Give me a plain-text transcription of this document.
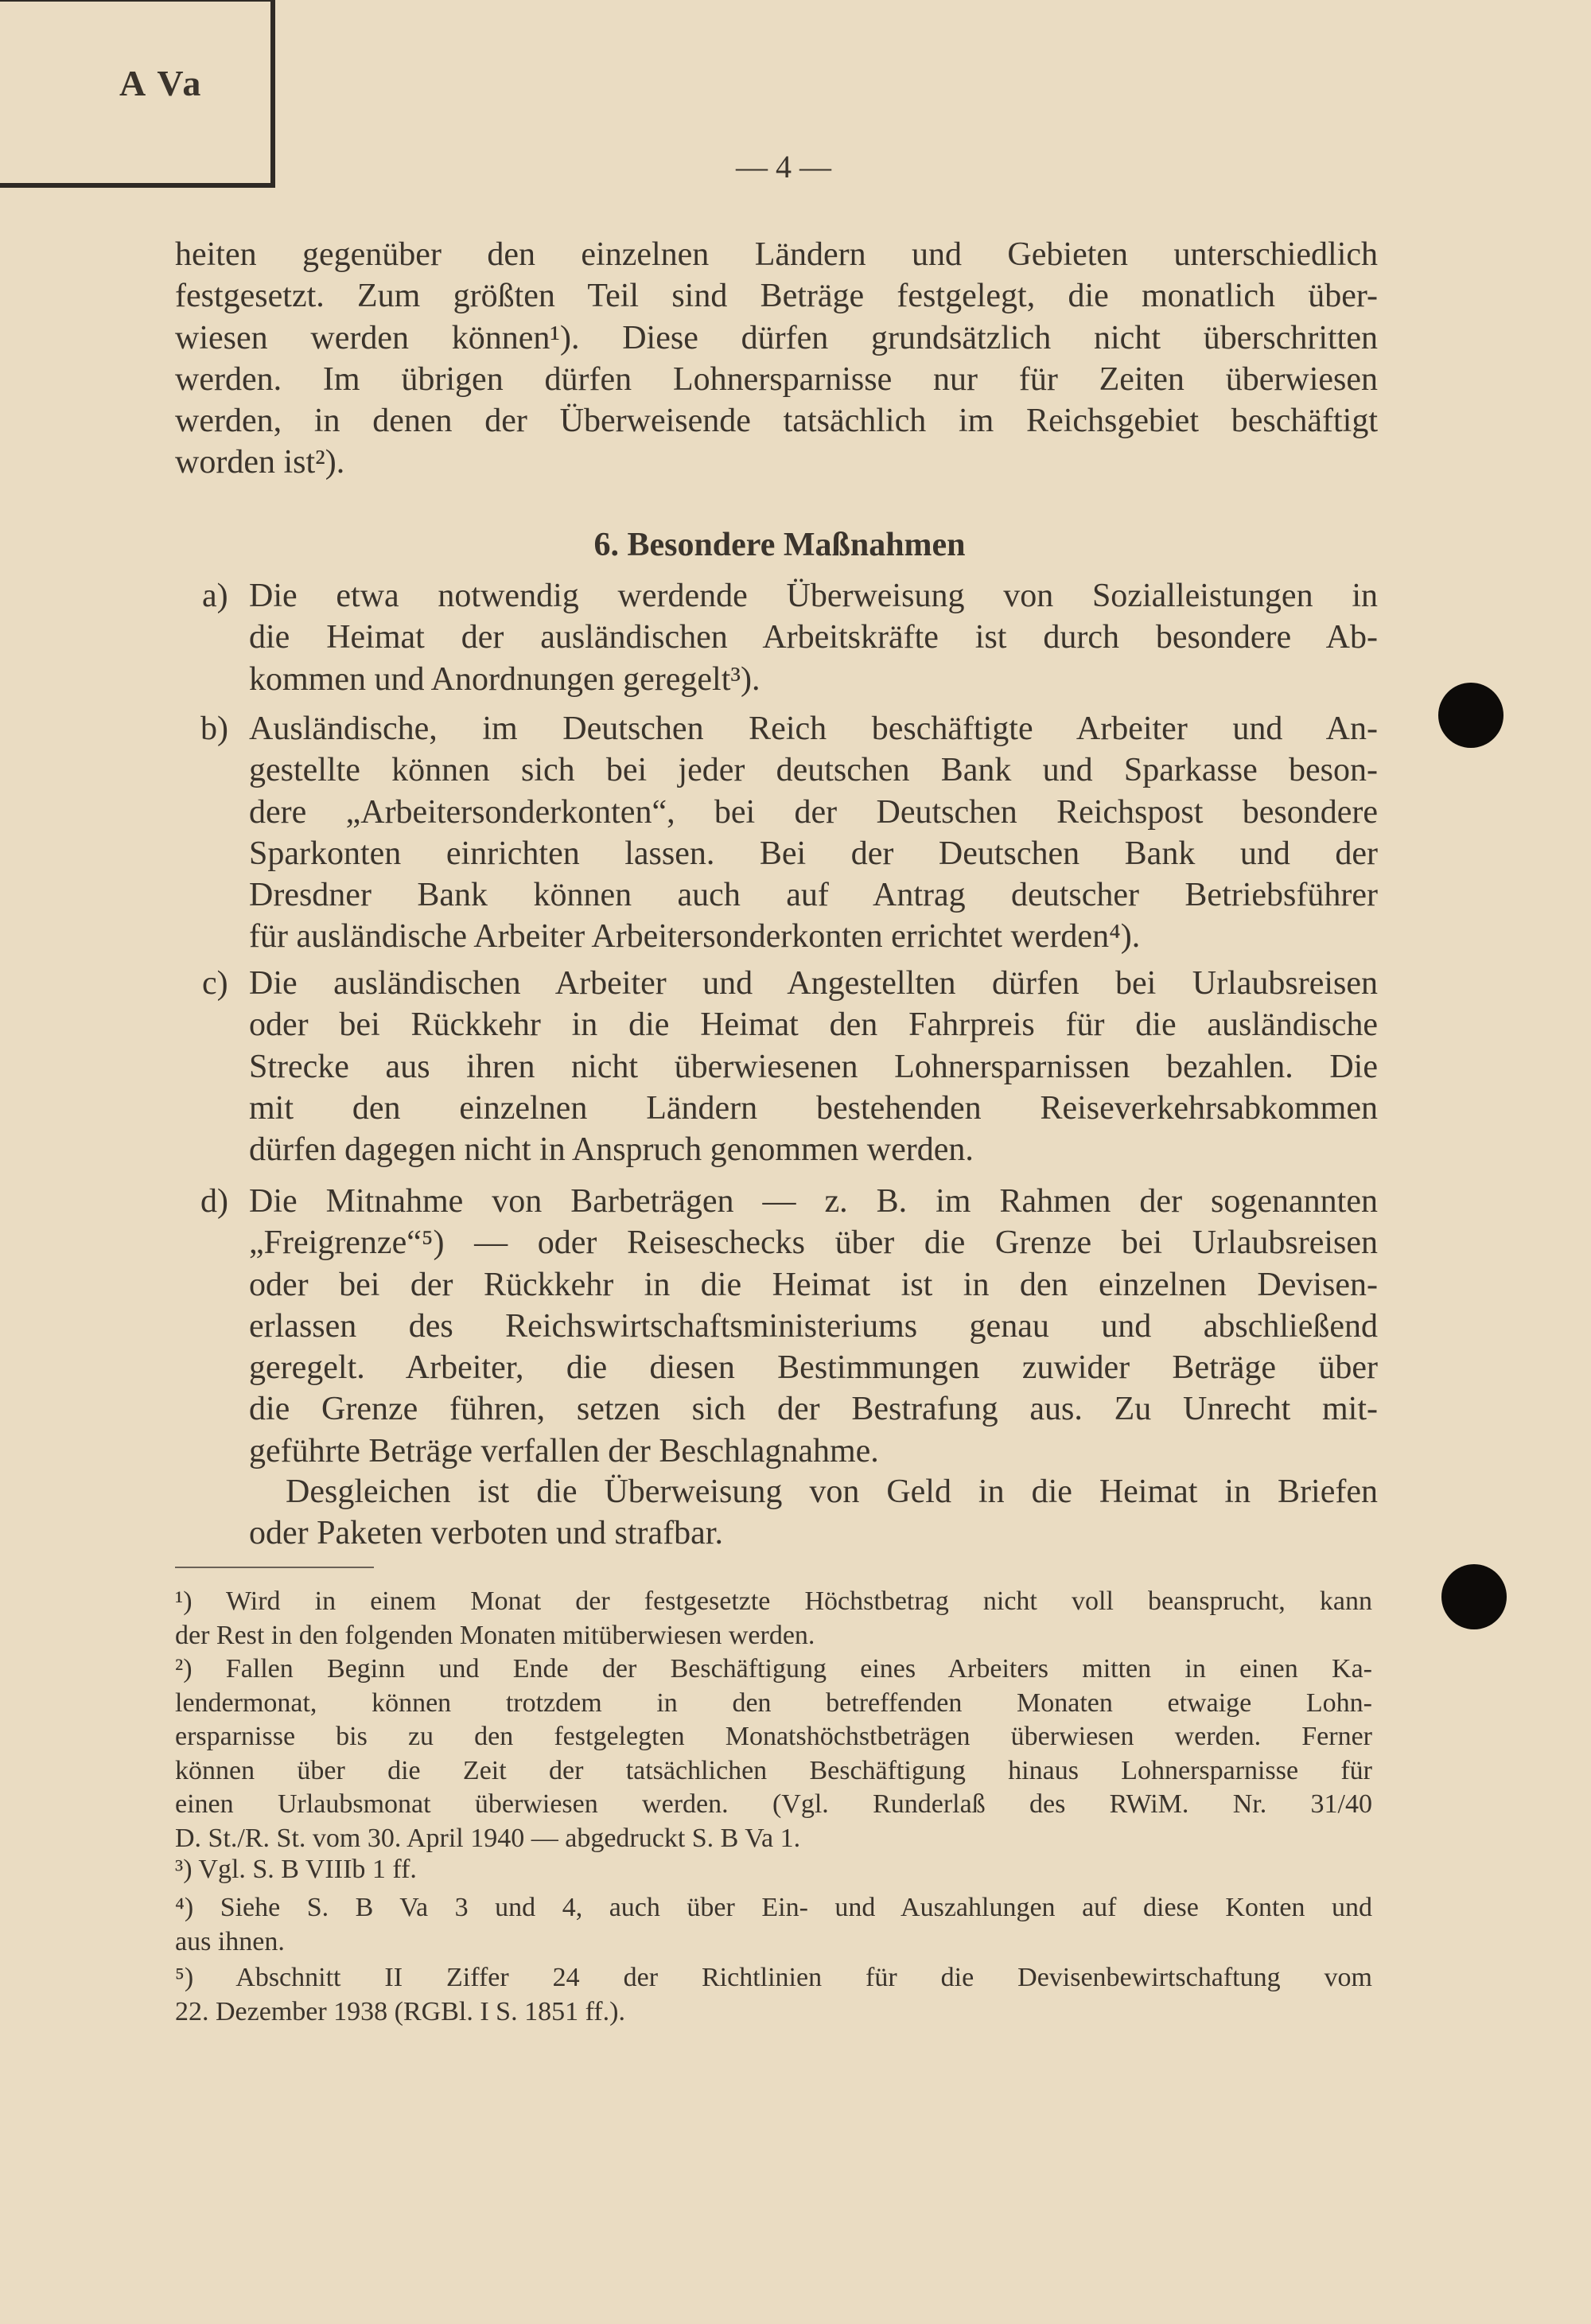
A Va
— 4 —
heiten gegenüber den einzelnen Ländern und Gebieten unterschiedlich
festgesetzt. Zum größten Teil sind Beträge festgelegt, die monatlich über-
wiesen werden können¹). Diese dürfen grundsätzlich nicht überschritten
werden. Im übrigen dürfen Lohnersparnisse nur für Zeiten überwiesen
werden, in denen der Überweisende tatsächlich im Reichsgebiet beschäftigt
worden ist²).
6. Besondere Maßnahmen
a) Die etwa notwendig werdende Überweisung von Sozialleistungen in
die Heimat der ausländischen Arbeitskräfte ist durch besondere Ab-
kommen und Anordnungen geregelt³).
b) Ausländische, im Deutschen Reich beschäftigte Arbeiter und An-
gestellte können sich bei jeder deutschen Bank und Sparkasse beson-
dere „Arbeitersonderkonten“, bei der Deutschen Reichspost besondere
Sparkonten einrichten lassen. Bei der Deutschen Bank und der
Dresdner Bank können auch auf Antrag deutscher Betriebsführer
für ausländische Arbeiter Arbeitersonderkonten errichtet werden⁴).
c) Die ausländischen Arbeiter und Angestellten dürfen bei Urlaubsreisen
oder bei Rückkehr in die Heimat den Fahrpreis für die ausländische
Strecke aus ihren nicht überwiesenen Lohnersparnissen bezahlen. Die
mit den einzelnen Ländern bestehenden Reiseverkehrsabkommen
dürfen dagegen nicht in Anspruch genommen werden.
d) Die Mitnahme von Barbeträgen — z. B. im Rahmen der sogenannten
„Freigrenze“⁵) — oder Reiseschecks über die Grenze bei Urlaubsreisen
oder bei der Rückkehr in die Heimat ist in den einzelnen Devisen-
erlassen des Reichswirtschaftsministeriums genau und abschließend
geregelt. Arbeiter, die diesen Bestimmungen zuwider Beträge über
die Grenze führen, setzen sich der Bestrafung aus. Zu Unrecht mit-
geführte Beträge verfallen der Beschlagnahme.
Desgleichen ist die Überweisung von Geld in die Heimat in Briefen
oder Paketen verboten und strafbar.
¹) Wird in einem Monat der festgesetzte Höchstbetrag nicht voll beansprucht, kann
der Rest in den folgenden Monaten mitüberwiesen werden.
²) Fallen Beginn und Ende der Beschäftigung eines Arbeiters mitten in einen Ka-
lendermonat, können trotzdem in den betreffenden Monaten etwaige Lohn-
ersparnisse bis zu den festgelegten Monatshöchstbeträgen überwiesen werden. Ferner
können über die Zeit der tatsächlichen Beschäftigung hinaus Lohnersparnisse für
einen Urlaubsmonat überwiesen werden. (Vgl. Runderlaß des RWiM. Nr. 31/40
D. St./R. St. vom 30. April 1940 — abgedruckt S. B Va 1.
³) Vgl. S. B VIIIb 1 ff.
⁴) Siehe S. B Va 3 und 4, auch über Ein- und Auszahlungen auf diese Konten und
aus ihnen.
⁵) Abschnitt II Ziffer 24 der Richtlinien für die Devisenbewirtschaftung vom
22. Dezember 1938 (RGBl. I S. 1851 ff.).
